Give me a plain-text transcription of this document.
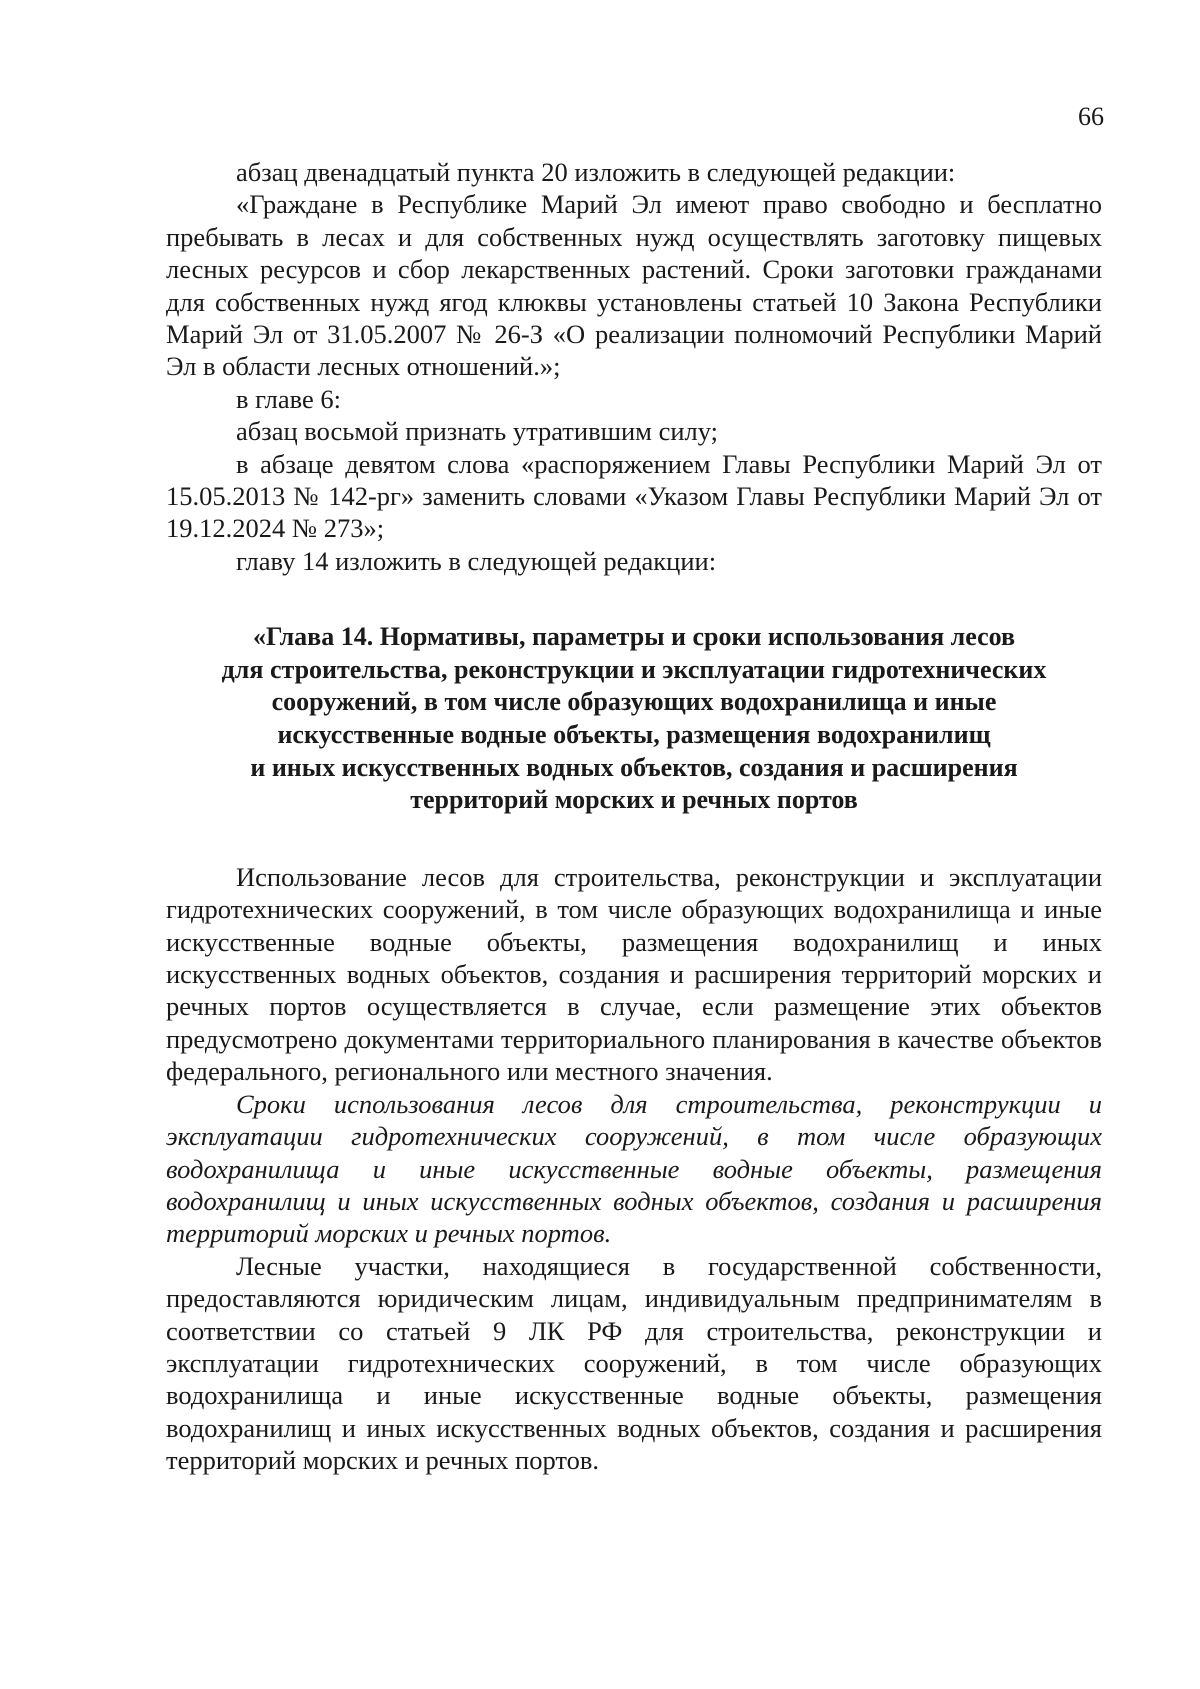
66

абзац двенадцатый пункта 20 изложить в следующей редакции:

«Граждане в Республике Марий Эл имеют право свободно и бесплатно пребывать в лесах и для собственных нужд осуществлять заготовку пищевых лесных ресурсов и сбор лекарственных растений. Сроки заготовки гражданами для собственных нужд ягод клюквы установлены статьей 10 Закона Республики Марий Эл от 31.05.2007 № 26-З «О реализации полномочий Республики Марий Эл в области лесных отношений.»;

в главе 6:

абзац восьмой признать утратившим силу;

в абзаце девятом слова «распоряжением Главы Республики Марий Эл от 15.05.2013 № 142-рг» заменить словами «Указом Главы Республики Марий Эл от 19.12.2024 № 273»;

главу 14 изложить в следующей редакции:

«Глава 14. Нормативы, параметры и сроки использования лесов
для строительства, реконструкции и эксплуатации гидротехнических
сооружений, в том числе образующих водохранилища и иные
искусственные водные объекты, размещения водохранилищ
и иных искусственных водных объектов, создания и расширения
территорий морских и речных портов

Использование лесов для строительства, реконструкции и эксплуатации гидротехнических сооружений, в том числе образующих водохранилища и иные искусственные водные объекты, размещения водохранилищ и иных искусственных водных объектов, создания и расширения территорий морских и речных портов осуществляется в случае, если размещение этих объектов предусмотрено документами территориального планирования в качестве объектов федерального, регионального или местного значения.

Сроки использования лесов для строительства, реконструкции и эксплуатации гидротехнических сооружений, в том числе образующих водохранилища и иные искусственные водные объекты, размещения водохранилищ и иных искусственных водных объектов, создания и расширения территорий морских и речных портов.

Лесные участки, находящиеся в государственной собственности, предоставляются юридическим лицам, индивидуальным предпринимателям в соответствии со статьей 9 ЛК РФ для строительства, реконструкции и эксплуатации гидротехнических сооружений, в том числе образующих водохранилища и иные искусственные водные объекты, размещения водохранилищ и иных искусственных водных объектов, создания и расширения территорий морских и речных портов.
